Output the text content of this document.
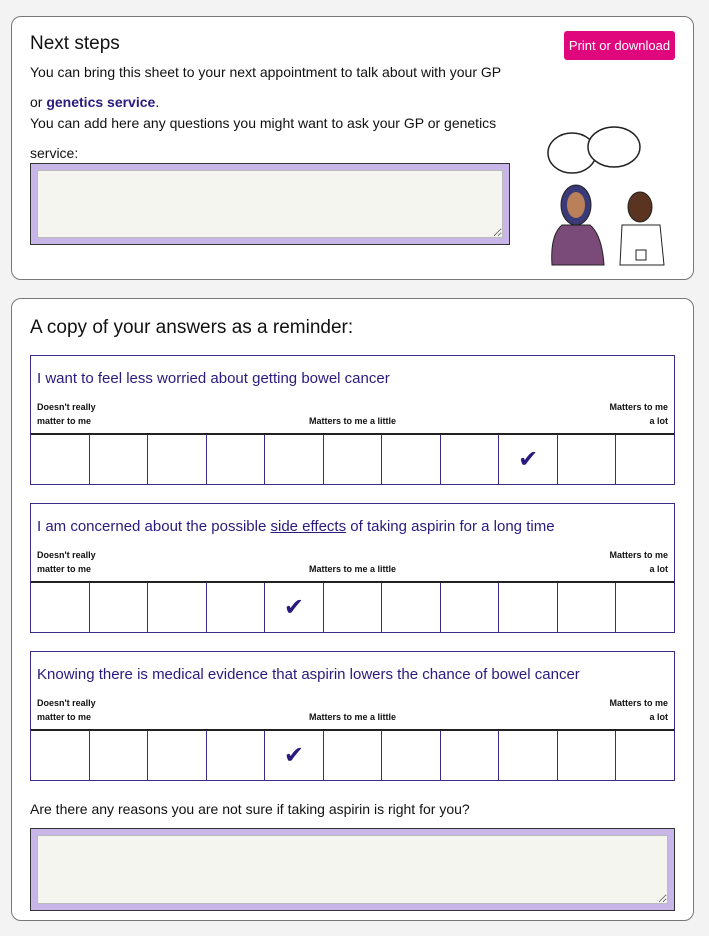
Next steps	Print or download
You can bring this sheet to your next appointment to talk about with your GP or genetics service.
You can add here any questions you might want to ask your GP or genetics service:
A copy of your answers as a reminder:
I want to feel less worried about getting bowel cancer
Doesn't really matter to me	Matters to me a little
Matters to me a lot
✔
I am concerned about the possible side effects of taking aspirin for a long time
Doesn't really matter to me	Matters to me a little
Matters to me a lot
✔
Knowing there is medical evidence that aspirin lowers the chance of bowel cancer
Doesn't really matter to me	Matters to me a little
Matters to me a lot
✔
Are there any reasons you are not sure if taking aspirin is right for you?
